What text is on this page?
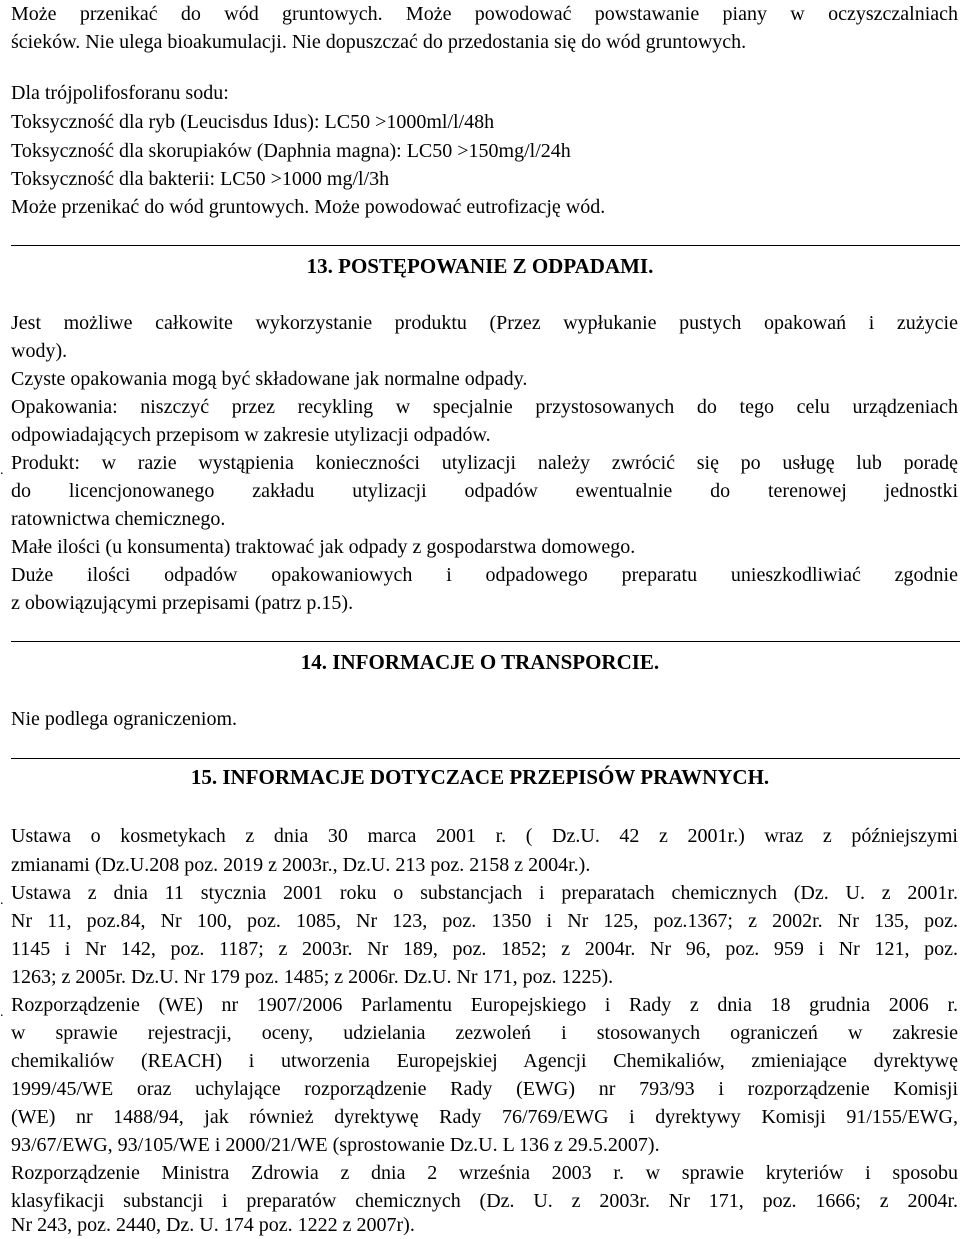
Może przenikać do wód gruntowych. Może powodować powstawanie piany w oczyszczalniach
ścieków. Nie ulega bioakumulacji. Nie dopuszczać do przedostania się do wód gruntowych.
Dla trójpolifosforanu sodu:
Toksyczność dla ryb (Leucisdus Idus): LC50 >1000ml/l/48h
Toksyczność dla skorupiaków (Daphnia magna): LC50 >150mg/l/24h
Toksyczność dla bakterii: LC50 >1000 mg/l/3h
Może przenikać do wód gruntowych. Może powodować eutrofizację wód.
13. POSTĘPOWANIE Z ODPADAMI.
Jest możliwe całkowite wykorzystanie produktu (Przez wypłukanie pustych opakowań i zużycie
wody).
Czyste opakowania mogą być składowane jak normalne odpady.
Opakowania: niszczyć przez recykling w specjalnie przystosowanych do tego celu urządzeniach
odpowiadających przepisom w zakresie utylizacji odpadów.
. Produkt: w razie wystąpienia konieczności utylizacji należy zwrócić się po usługę lub poradę
do licencjonowanego zakładu utylizacji odpadów ewentualnie do terenowej jednostki
ratownictwa chemicznego.
Małe ilości (u konsumenta) traktować jak odpady z gospodarstwa domowego.
Duże ilości odpadów opakowaniowych i odpadowego preparatu unieszkodliwiać zgodnie
z obowiązującymi przepisami (patrz p.15).
14. INFORMACJE O TRANSPORCIE.
Nie podlega ograniczeniom.
15. INFORMACJE DOTYCZACE PRZEPISÓW PRAWNYCH.
Ustawa o kosmetykach z dnia 30 marca 2001 r. ( Dz.U. 42 z 2001r.) wraz z późniejszymi
zmianami (Dz.U.208 poz. 2019 z 2003r., Dz.U. 213 poz. 2158 z 2004r.).
. Ustawa z dnia 11 stycznia 2001 roku o substancjach i preparatach chemicznych (Dz. U. z 2001r.
Nr 11, poz.84, Nr 100, poz. 1085, Nr 123, poz. 1350 i Nr 125, poz.1367; z 2002r. Nr 135, poz.
1145 i Nr 142, poz. 1187; z 2003r. Nr 189, poz. 1852; z 2004r. Nr 96, poz. 959 i Nr 121, poz.
1263; z 2005r. Dz.U. Nr 179 poz. 1485; z 2006r. Dz.U. Nr 171, poz. 1225).
. Rozporządzenie (WE) nr 1907/2006 Parlamentu Europejskiego i Rady z dnia 18 grudnia 2006 r.
w sprawie rejestracji, oceny, udzielania zezwoleń i stosowanych ograniczeń w zakresie
chemikaliów (REACH) i utworzenia Europejskiej Agencji Chemikaliów, zmieniające dyrektywę
1999/45/WE oraz uchylające rozporządzenie Rady (EWG) nr 793/93 i rozporządzenie Komisji
(WE) nr 1488/94, jak również dyrektywę Rady 76/769/EWG i dyrektywy Komisji 91/155/EWG,
93/67/EWG, 93/105/WE i 2000/21/WE (sprostowanie Dz.U. L 136 z 29.5.2007).
Rozporządzenie Ministra Zdrowia z dnia 2 września 2003 r. w sprawie kryteriów i sposobu
klasyfikacji substancji i preparatów chemicznych (Dz. U. z 2003r. Nr 171, poz. 1666; z 2004r.
Nr 243, poz. 2440, Dz. U. 174 poz. 1222 z 2007r).
